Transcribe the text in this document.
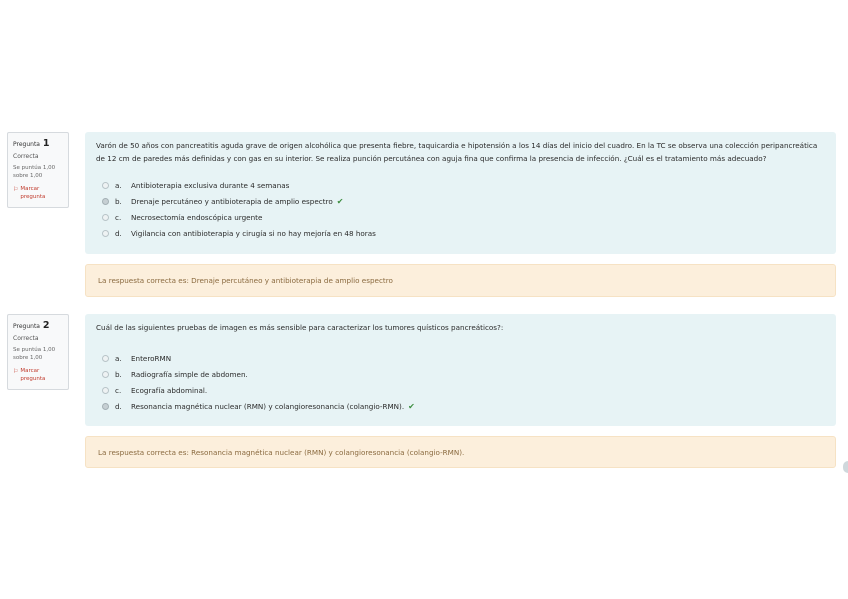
Pregunta 1
Correcta
Se puntúa 1,00
sobre 1,00
⚐ Marcar
pregunta

Varón de 50 años con pancreatitis aguda grave de origen alcohólica que presenta fiebre, taquicardia e hipotensión a los 14 días del inicio del cuadro. En la TC se observa una colección peripancreática de 12 cm de paredes más definidas y con gas en su interior. Se realiza punción percutánea con aguja fina que confirma la presencia de infección. ¿Cuál es el tratamiento más adecuado?

a.	Antibioterapia exclusiva durante 4 semanas
b.	Drenaje percutáneo y antibioterapia de amplio espectro ✔
c.	Necrosectomía endoscópica urgente
d.	Vigilancia con antibioterapia y cirugía si no hay mejoría en 48 horas
La respuesta correcta es: Drenaje percutáneo y antibioterapia de amplio espectro
Pregunta 2
Correcta
Se puntúa 1,00
sobre 1,00
⚐ Marcar
pregunta

Cuál de las siguientes pruebas de imagen es más sensible para caracterizar los tumores quísticos pancreáticos?:

a.	EnteroRMN
b.	Radiografía simple de abdomen.
c.	Ecografía abdominal.
d.	Resonancia magnética nuclear (RMN) y colangioresonancia (colangio-RMN). ✔
La respuesta correcta es: Resonancia magnética nuclear (RMN) y colangioresonancia (colangio-RMN).
